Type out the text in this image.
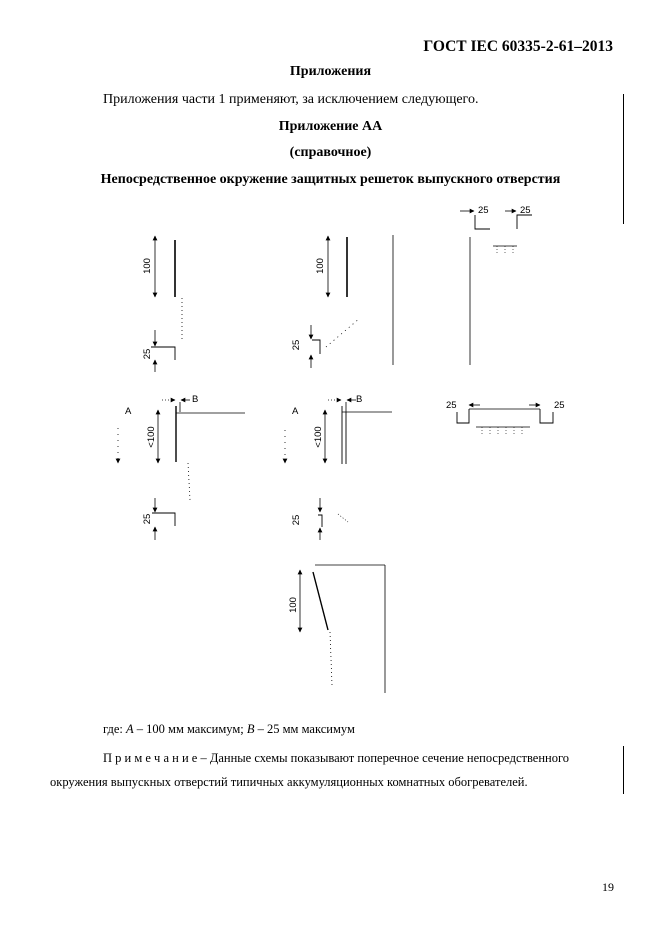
ГОСТ IEC 60335-2-61–2013
Приложения
Приложения части 1 применяют, за исключением следующего.
Приложение АА
(справочное)
Непосредственное окружение защитных решеток выпускного отверстия
100
25
100
25
25	25
A
B
<100
25
A
B
<100
25
25	25
100
где: A – 100 мм максимум; B – 25 мм максимум
П р и м е ч а н и е – Данные схемы показывают поперечное сечение непосредственного
окружения выпускных отверстий типичных аккумуляционных комнатных обогревателей.
19
